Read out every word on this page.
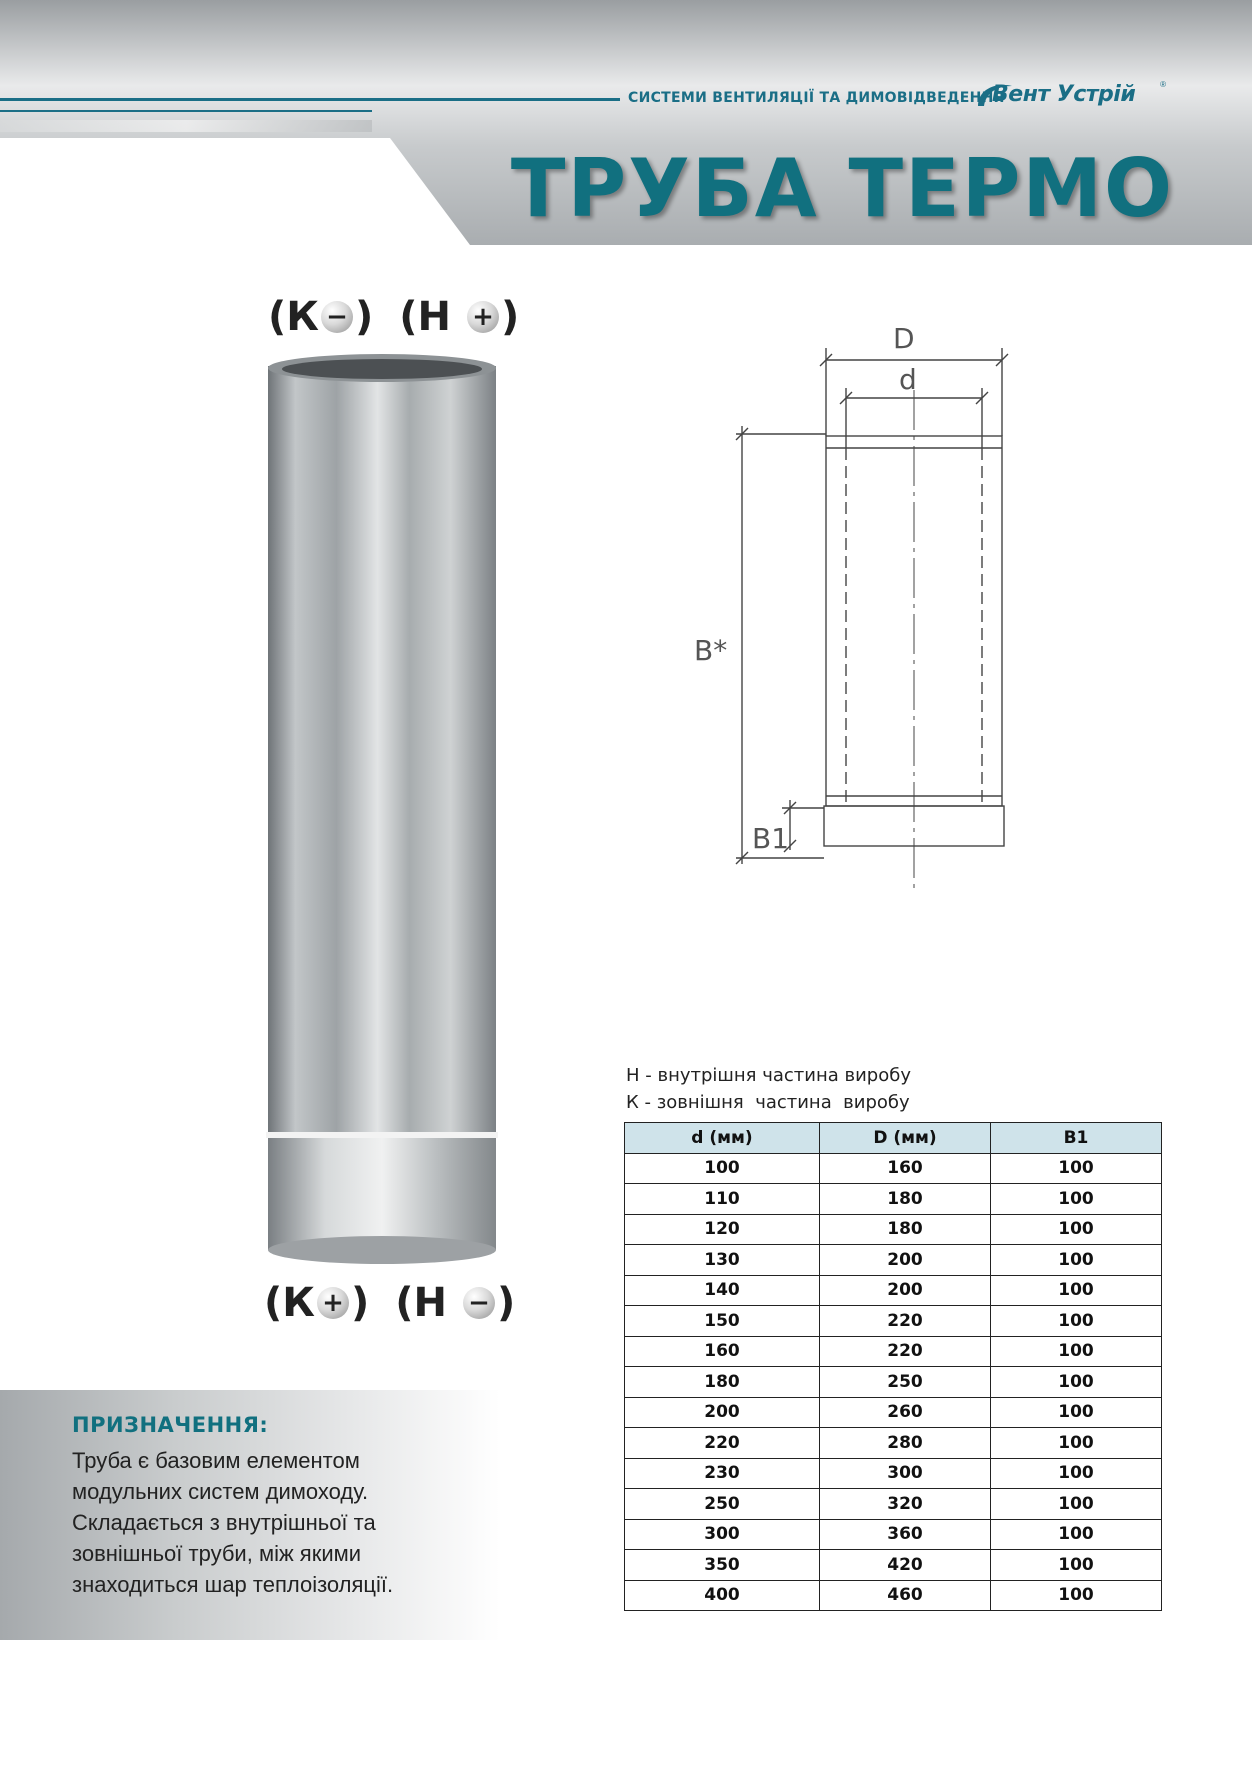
СИСТЕМИ ВЕНТИЛЯЦІЇ ТА ДИМОВІДВЕДЕННЯ
Вент Устрій	®
ТРУБА ТЕРМО
( К − ) ( Н
+ )
( К + ) ( Н
− )
D
d
B*
B1
Н - внутрішня частина виробу
К - зовнішня  частина  виробу
d (мм)	D (мм)	B1
100	160	100
110	180	100
120	180	100
130	200	100
140	200	100
150	220	100
160	220	100
180	250	100
200	260	100
220	280	100
230	300	100
250	320	100
300	360	100
350	420	100
400	460	100
ПРИЗНАЧЕННЯ:
Труба є базовим елементом
модульних систем димоходу.
Складається з внутрішньої та
зовнішньої труби, між якими
знаходиться шар теплоізоляції.
